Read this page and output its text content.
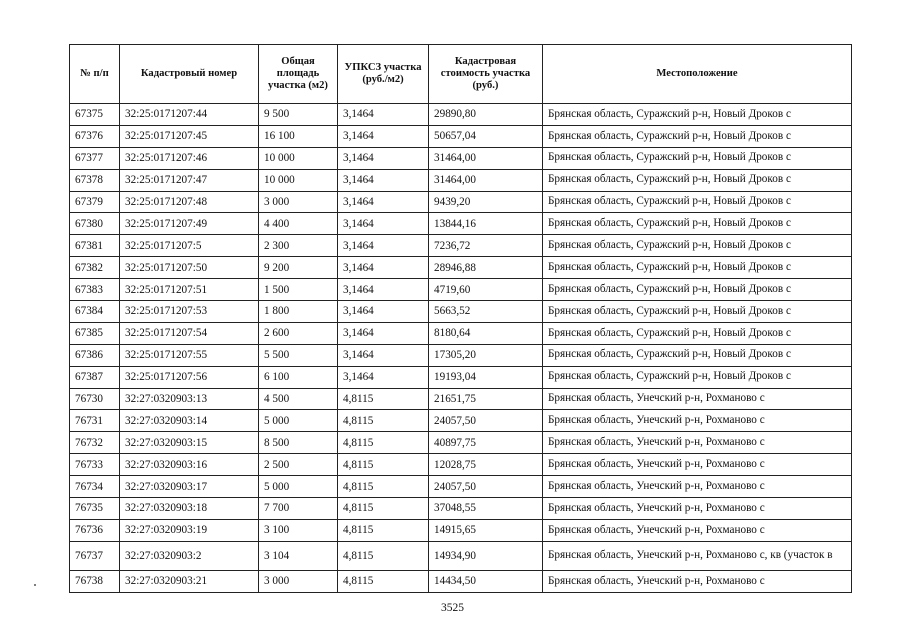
№ п/п	Кадастровый номер	Общая площадь участка (м2)	УПКСЗ участка (руб./м2)	Кадастровая стоимость участка (руб.)	Местоположение
67375	32:25:0171207:44	9 500	3,1464	29890,80	Брянская область, Суражский р-н, Новый Дроков с
67376	32:25:0171207:45	16 100	3,1464	50657,04	Брянская область, Суражский р-н, Новый Дроков с
67377	32:25:0171207:46	10 000	3,1464	31464,00	Брянская область, Суражский р-н, Новый Дроков с
67378	32:25:0171207:47	10 000	3,1464	31464,00	Брянская область, Суражский р-н, Новый Дроков с
67379	32:25:0171207:48	3 000	3,1464	9439,20	Брянская область, Суражский р-н, Новый Дроков с
67380	32:25:0171207:49	4 400	3,1464	13844,16	Брянская область, Суражский р-н, Новый Дроков с
67381	32:25:0171207:5	2 300	3,1464	7236,72	Брянская область, Суражский р-н, Новый Дроков с
67382	32:25:0171207:50	9 200	3,1464	28946,88	Брянская область, Суражский р-н, Новый Дроков с
67383	32:25:0171207:51	1 500	3,1464	4719,60	Брянская область, Суражский р-н, Новый Дроков с
67384	32:25:0171207:53	1 800	3,1464	5663,52	Брянская область, Суражский р-н, Новый Дроков с
67385	32:25:0171207:54	2 600	3,1464	8180,64	Брянская область, Суражский р-н, Новый Дроков с
67386	32:25:0171207:55	5 500	3,1464	17305,20	Брянская область, Суражский р-н, Новый Дроков с
67387	32:25:0171207:56	6 100	3,1464	19193,04	Брянская область, Суражский р-н, Новый Дроков с
76730	32:27:0320903:13	4 500	4,8115	21651,75	Брянская область, Унечский р-н, Рохманово с
76731	32:27:0320903:14	5 000	4,8115	24057,50	Брянская область, Унечский р-н, Рохманово с
76732	32:27:0320903:15	8 500	4,8115	40897,75	Брянская область, Унечский р-н, Рохманово с
76733	32:27:0320903:16	2 500	4,8115	12028,75	Брянская область, Унечский р-н, Рохманово с
76734	32:27:0320903:17	5 000	4,8115	24057,50	Брянская область, Унечский р-н, Рохманово с
76735	32:27:0320903:18	7 700	4,8115	37048,55	Брянская область, Унечский р-н, Рохманово с
76736	32:27:0320903:19	3 100	4,8115	14915,65	Брянская область, Унечский р-н, Рохманово с
76737	32:27:0320903:2	3 104	4,8115	14934,90	Брянская область, Унечский р-н, Рохманово с, кв (участок в
76738	32:27:0320903:21	3 000	4,8115	14434,50	Брянская область, Унечский р-н, Рохманово с
3525
